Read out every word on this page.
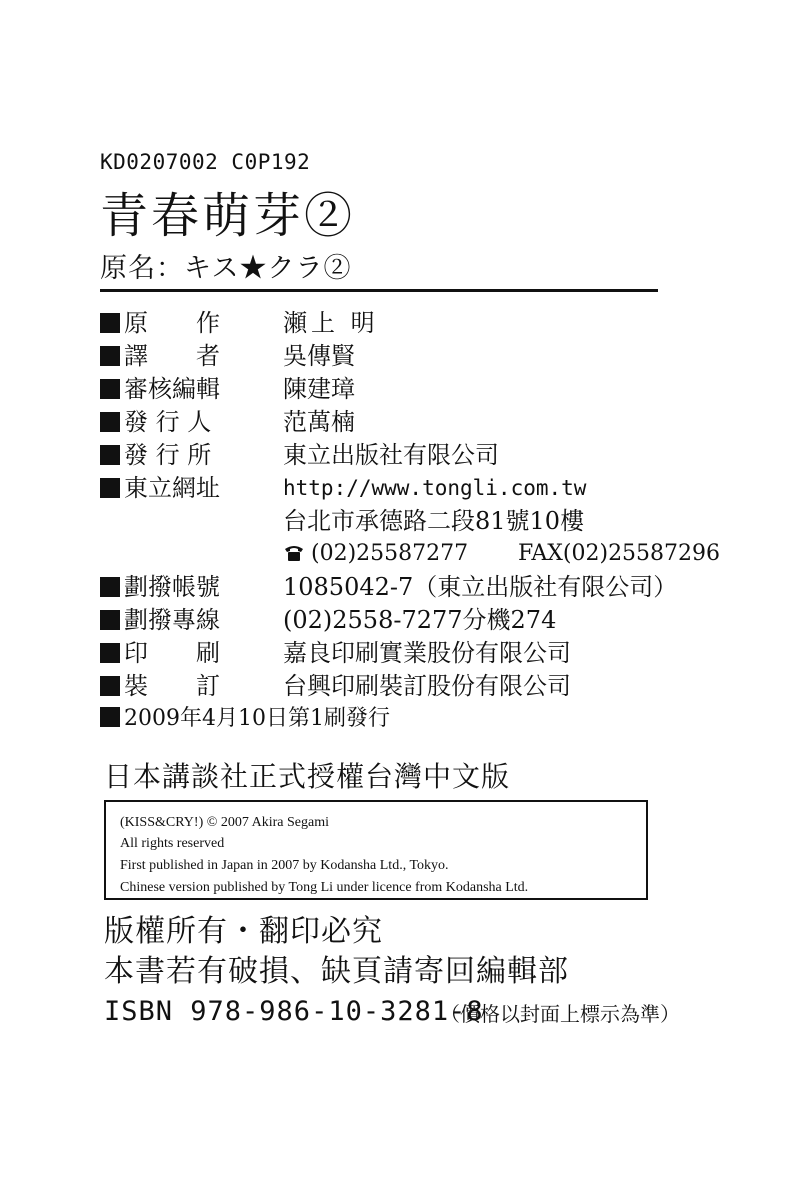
KD0207002 C0P192
青春萌芽②
原名：キス★クラ②
原　　作	瀬上 明
譯　　者	吳傳賢
審核編輯	陳建璋
發 行 人	范萬楠
發 行 所	東立出版社有限公司
東立網址	http://www.tongli.com.tw
台北市承德路二段81號10樓
(02)25587277 FAX(02)25587296
劃撥帳號	1085042-7（東立出版社有限公司）
劃撥專線	(02)2558-7277分機274
印　　刷	嘉良印刷實業股份有限公司
裝　　訂	台興印刷裝訂股份有限公司
2009年4月10日第1刷發行
日本講談社正式授權台灣中文版
(KISS&CRY!) © 2007 Akira Segami
All rights reserved
First published in Japan in 2007 by Kodansha Ltd., Tokyo.
Chinese version published by Tong Li under licence from Kodansha Ltd.
版權所有・翻印必究
本書若有破損、缺頁請寄回編輯部
ISBN 978-986-10-3281-8
（價格以封面上標示為準）
